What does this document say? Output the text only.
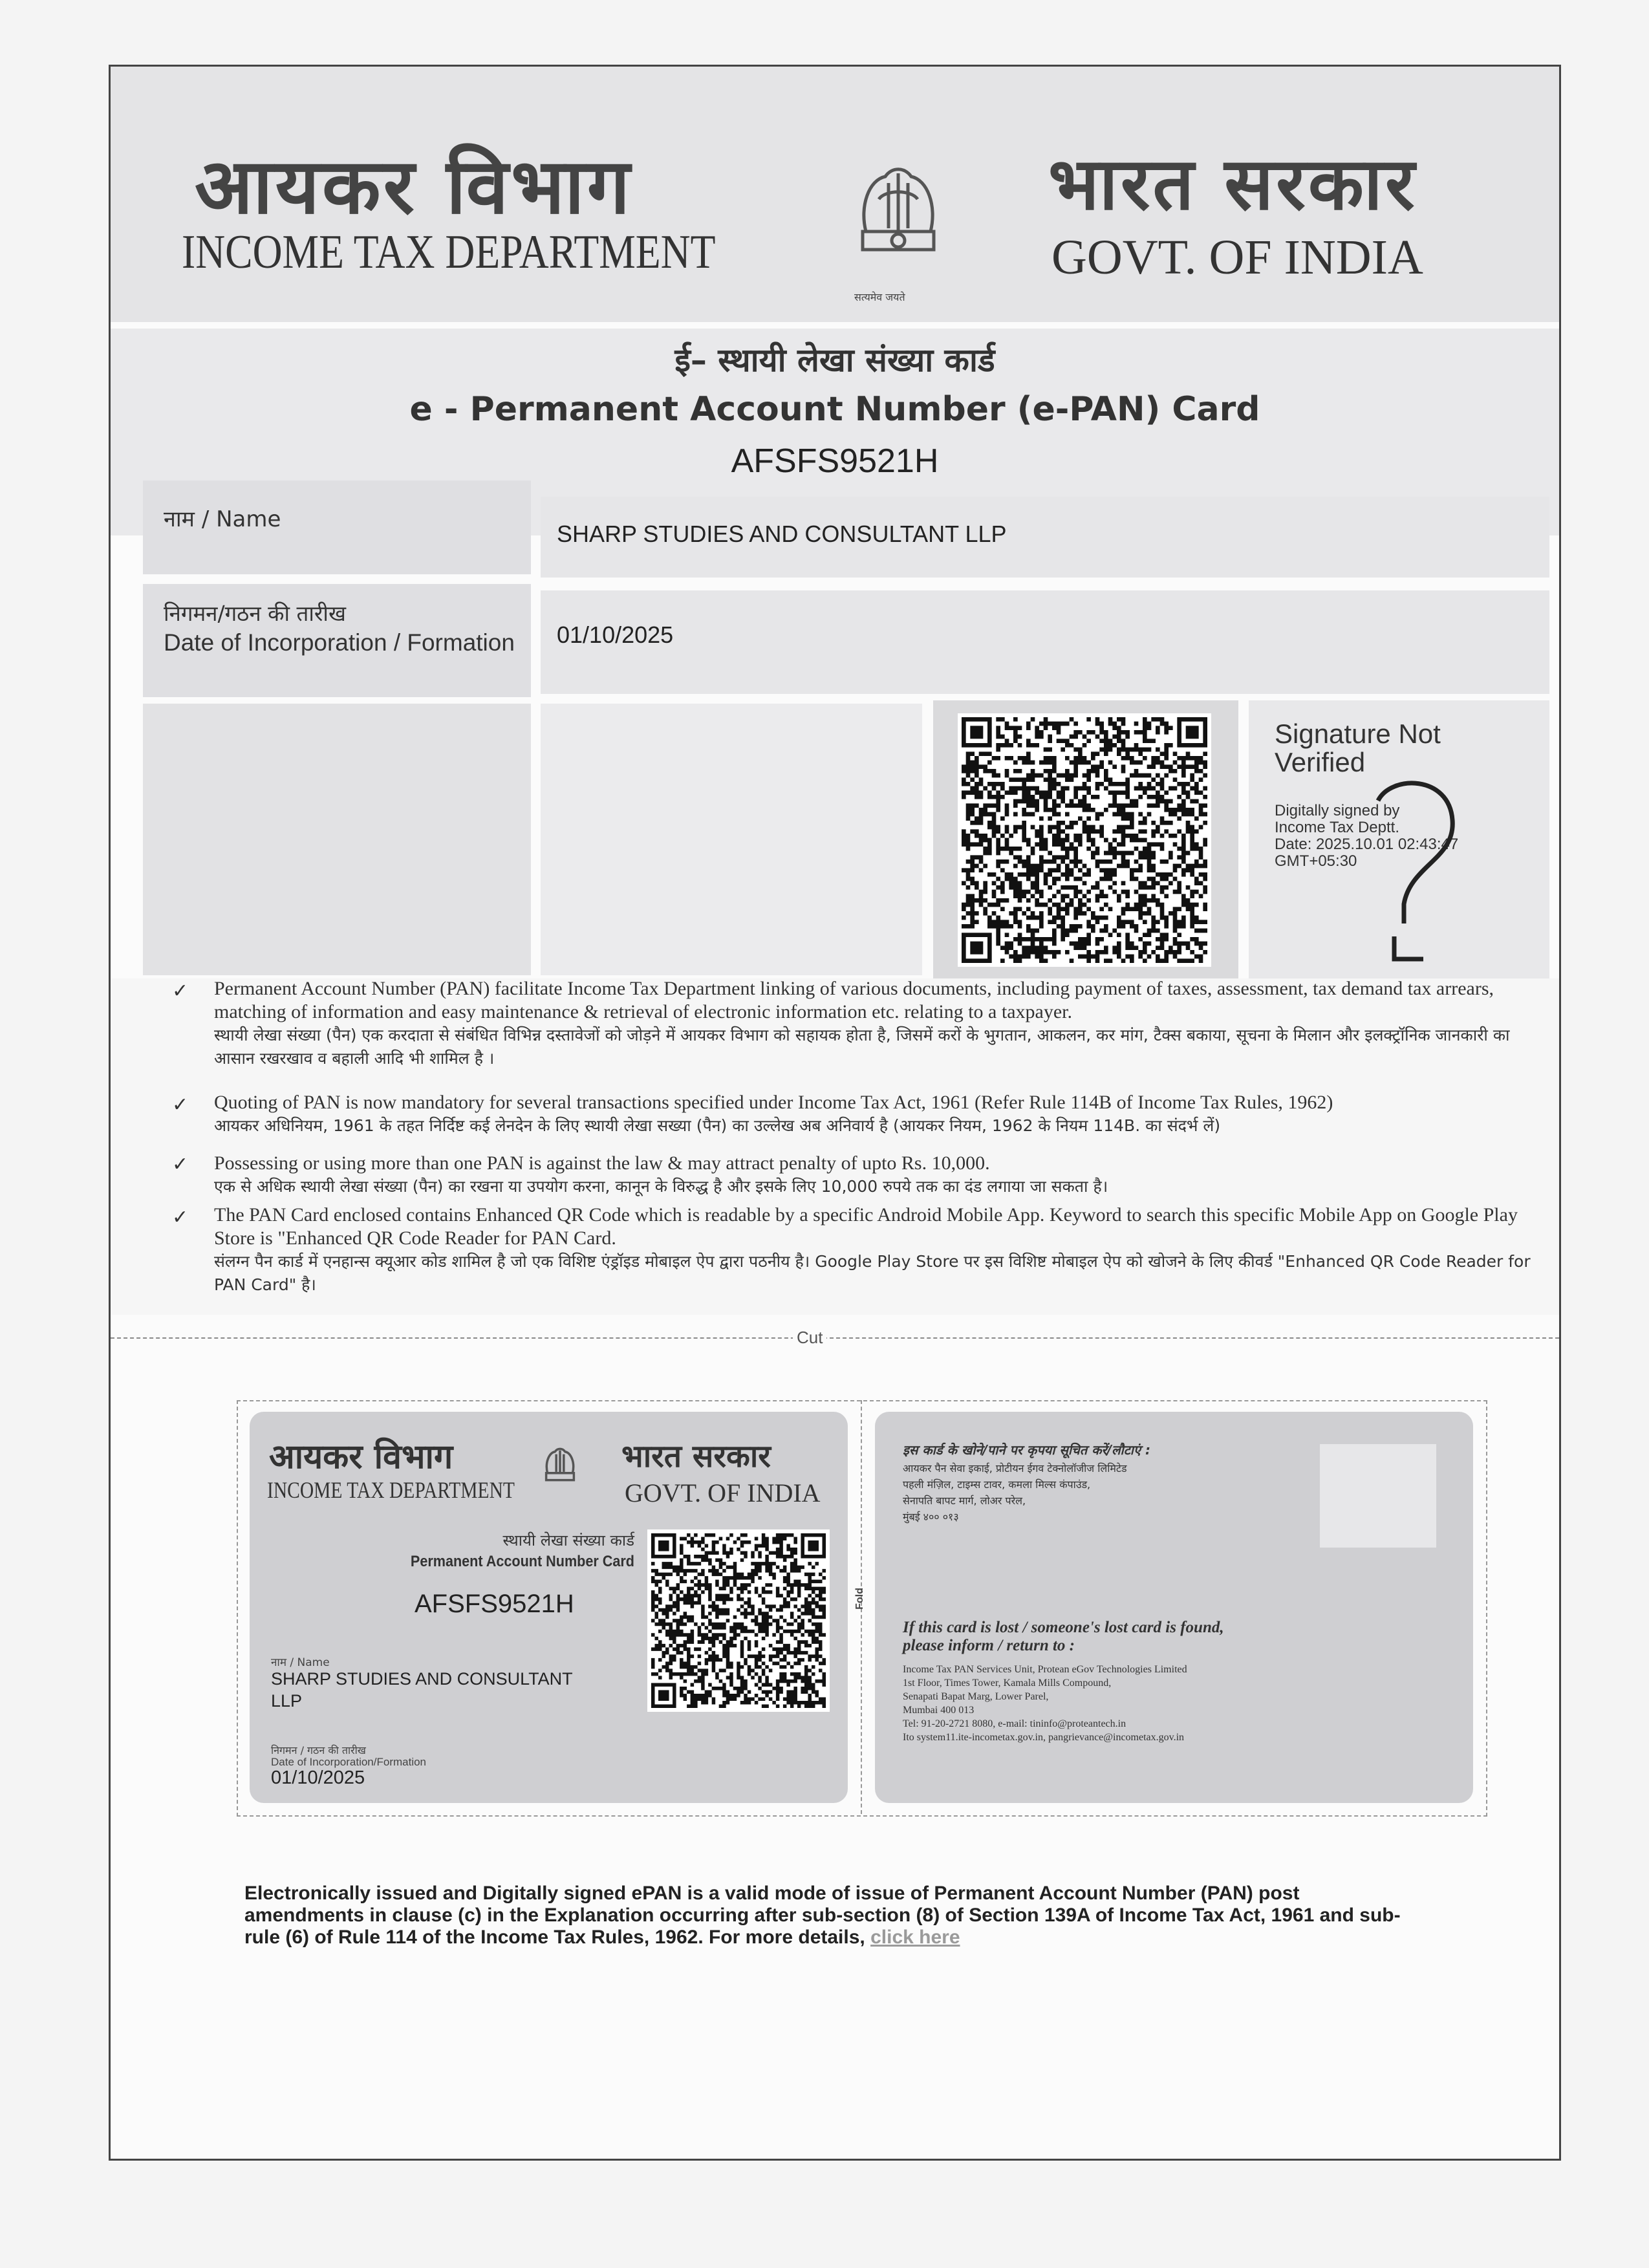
आयकर विभाग
INCOME TAX DEPARTMENT
सत्यमेव जयते
भारत सरकार
GOVT. OF INDIA
ई– स्थायी लेखा संख्या कार्ड
e - Permanent Account Number (e-PAN) Card
AFSFS9521H
नाम / Name
SHARP STUDIES AND CONSULTANT LLP
निगमन/गठन की तारीख
Date of Incorporation / Formation 01/10/2025
Signature Not Verified
Digitally signed by
Income Tax Deptt.
Date: 2025.10.01 02:43:47
GMT+05:30
✓ Permanent Account Number (PAN) facilitate Income Tax Department linking of various documents, including payment of taxes, assessment, tax demand tax arrears, matching of information and easy maintenance & retrieval of electronic information etc. relating to a taxpayer.
स्थायी लेखा संख्या (पैन) एक करदाता से संबंधित विभिन्न दस्तावेजों को जोड़ने में आयकर विभाग को सहायक होता है, जिसमें करों के भुगतान, आकलन, कर मांग, टैक्स बकाया, सूचना के मिलान और इलक्ट्रॉनिक जानकारी का आसान रखरखाव व बहाली आदि भी शामिल है ।
✓ Quoting of PAN is now mandatory for several transactions specified under Income Tax Act, 1961 (Refer Rule 114B of Income Tax Rules, 1962)
आयकर अधिनियम, 1961 के तहत निर्दिष्ट कई लेनदेन के लिए स्थायी लेखा सख्या (पैन) का उल्लेख अब अनिवार्य है (आयकर नियम, 1962 के नियम 114B. का संदर्भ लें)
✓ Possessing or using more than one PAN is against the law & may attract penalty of upto Rs. 10,000.
एक से अधिक स्थायी लेखा संख्या (पैन) का रखना या उपयोग करना, कानून के विरुद्ध है और इसके लिए 10,000 रुपये तक का दंड लगाया जा सकता है।
✓ The PAN Card enclosed contains Enhanced QR Code which is readable by a specific Android Mobile App. Keyword to search this specific Mobile App on Google Play Store is "Enhanced QR Code Reader for PAN Card.
संलग्न पैन कार्ड में एनहान्स क्यूआर कोड शामिल है जो एक विशिष्ट एंड्रॉइड मोबाइल ऐप द्वारा पठनीय है। Google Play Store पर इस विशिष्ट मोबाइल ऐप को खोजने के लिए कीवर्ड "Enhanced QR Code Reader for PAN Card" है।
Cut
Fold
आयकर विभाग
INCOME TAX DEPARTMENT
भारत सरकार
GOVT. OF INDIA
स्थायी लेखा संख्या कार्ड
Permanent Account Number Card
AFSFS9521H
नाम / Name
SHARP STUDIES AND CONSULTANT
LLP
निगमन / गठन की तारीख
Date of Incorporation/Formation
01/10/2025
इस कार्ड के खोने/पाने पर कृपया सूचित करें/लौटाएं :
आयकर पैन सेवा इकाई, प्रोटीयन ईगव टेक्नोलॉजीज लिमिटेड
पहली मंज़िल, टाइम्स टावर, कमला मिल्स कंपाउंड,
सेनापति बापट मार्ग, लोअर परेल,
मुंबई ४०० ०१३
If this card is lost / someone's lost card is found,
please inform / return to :
Income Tax PAN Services Unit, Protean eGov Technologies Limited
1st Floor, Times Tower, Kamala Mills Compound,
Senapati Bapat Marg, Lower Parel,
Mumbai 400 013
Tel: 91-20-2721 8080, e-mail: tininfo@proteantech.in
Ito system11.ite-incometax.gov.in, pangrievance@incometax.gov.in
Electronically issued and Digitally signed ePAN is a valid mode of issue of Permanent Account Number (PAN) post amendments in clause (c) in the Explanation occurring after sub-section (8) of Section 139A of Income Tax Act, 1961 and sub-rule (6) of Rule 114 of the Income Tax Rules, 1962. For more details, click here
